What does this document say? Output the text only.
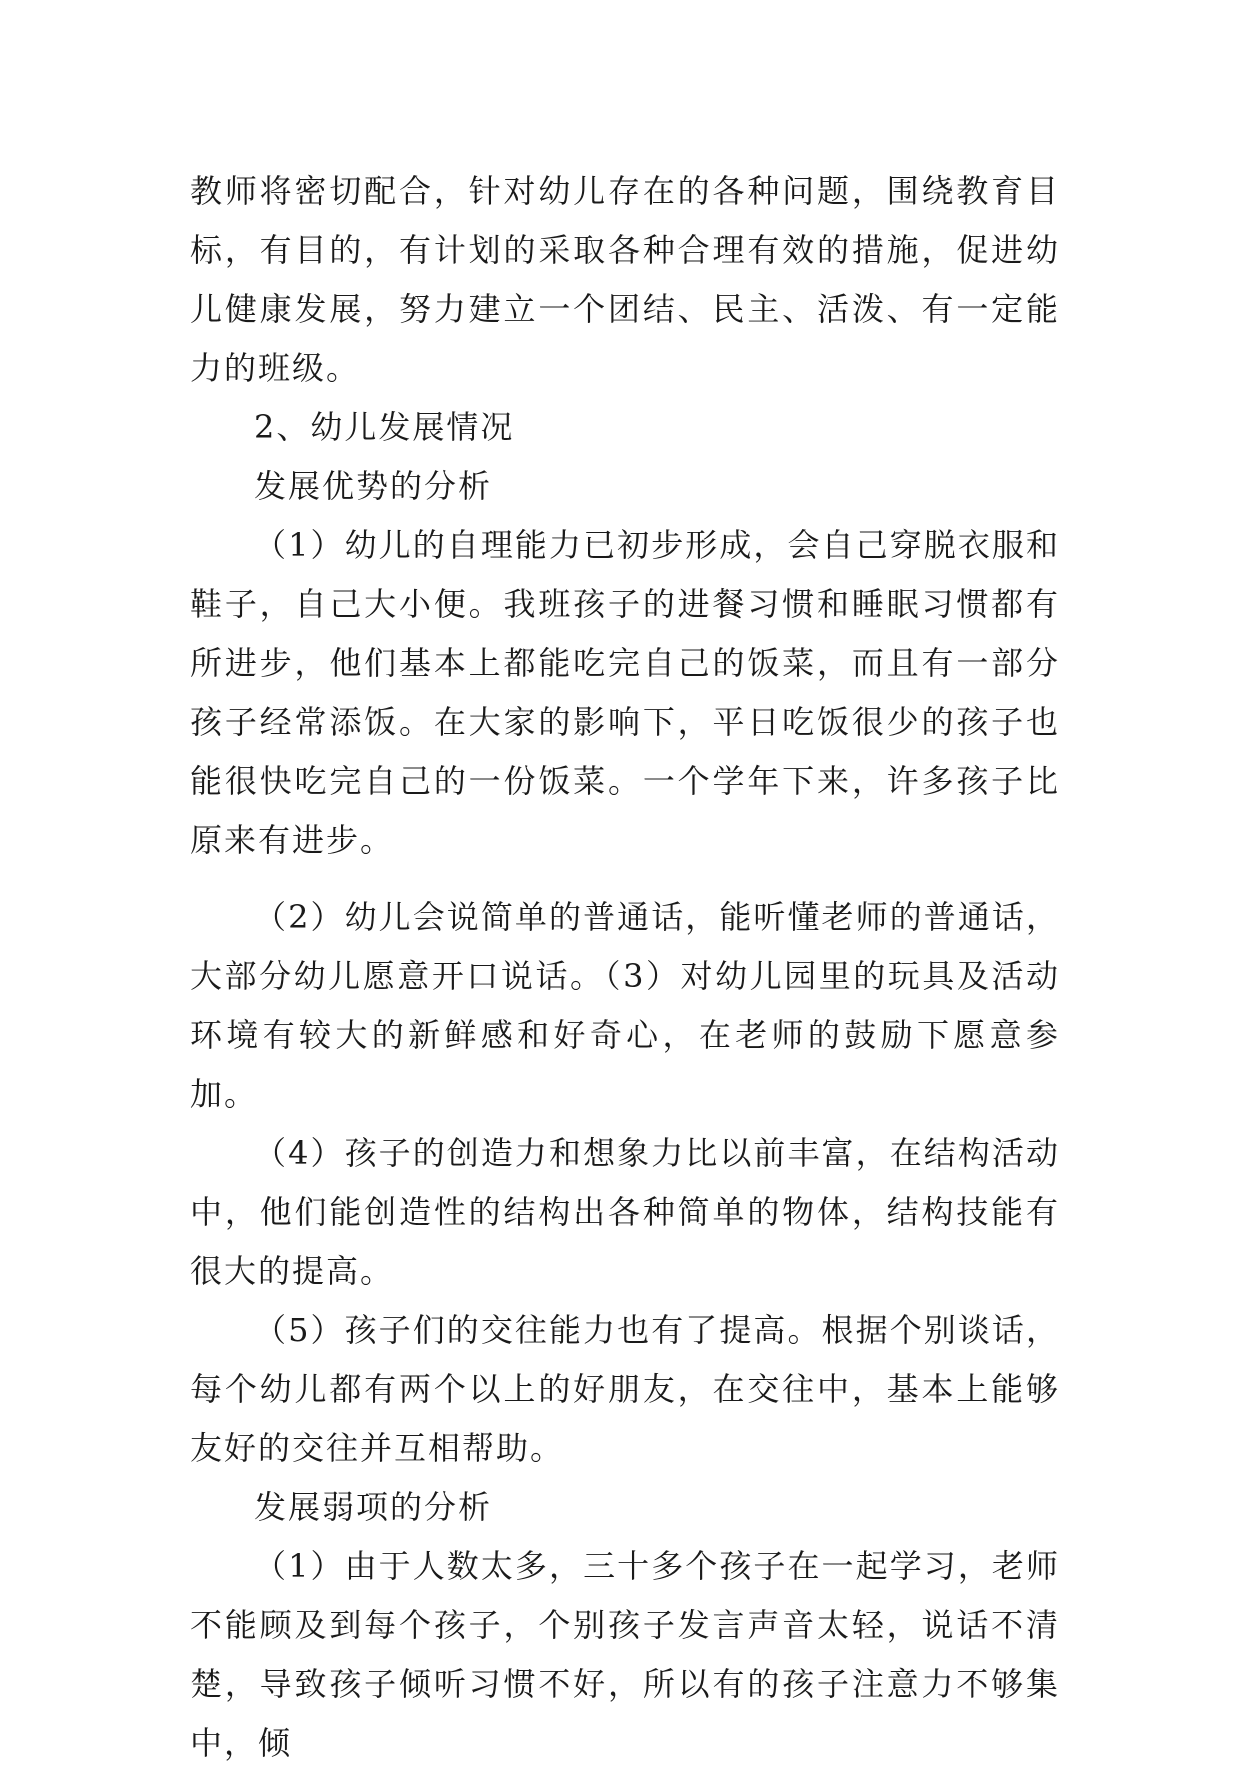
教师将密切配合，针对幼儿存在的各种问题，围绕教育目标，有目的，有计划的采取各种合理有效的措施，促进幼儿健康发展，努力建立一个团结、民主、活泼、有一定能力的班级。

2、幼儿发展情况

发展优势的分析

（1）幼儿的自理能力已初步形成，会自己穿脱衣服和鞋子，自己大小便。我班孩子的进餐习惯和睡眠习惯都有所进步，他们基本上都能吃完自己的饭菜，而且有一部分孩子经常添饭。在大家的影响下，平日吃饭很少的孩子也能很快吃完自己的一份饭菜。一个学年下来，许多孩子比原来有进步。

（2）幼儿会说简单的普通话，能听懂老师的普通话，大部分幼儿愿意开口说话。（3）对幼儿园里的玩具及活动环境有较大的新鲜感和好奇心，在老师的鼓励下愿意参加。

（4）孩子的创造力和想象力比以前丰富，在结构活动中，他们能创造性的结构出各种简单的物体，结构技能有很大的提高。

（5）孩子们的交往能力也有了提高。根据个别谈话，每个幼儿都有两个以上的好朋友，在交往中，基本上能够友好的交往并互相帮助。

发展弱项的分析

（1）由于人数太多，三十多个孩子在一起学习，老师不能顾及到每个孩子，个别孩子发言声音太轻，说话不清楚，导致孩子倾听习惯不好，所以有的孩子注意力不够集中，倾
